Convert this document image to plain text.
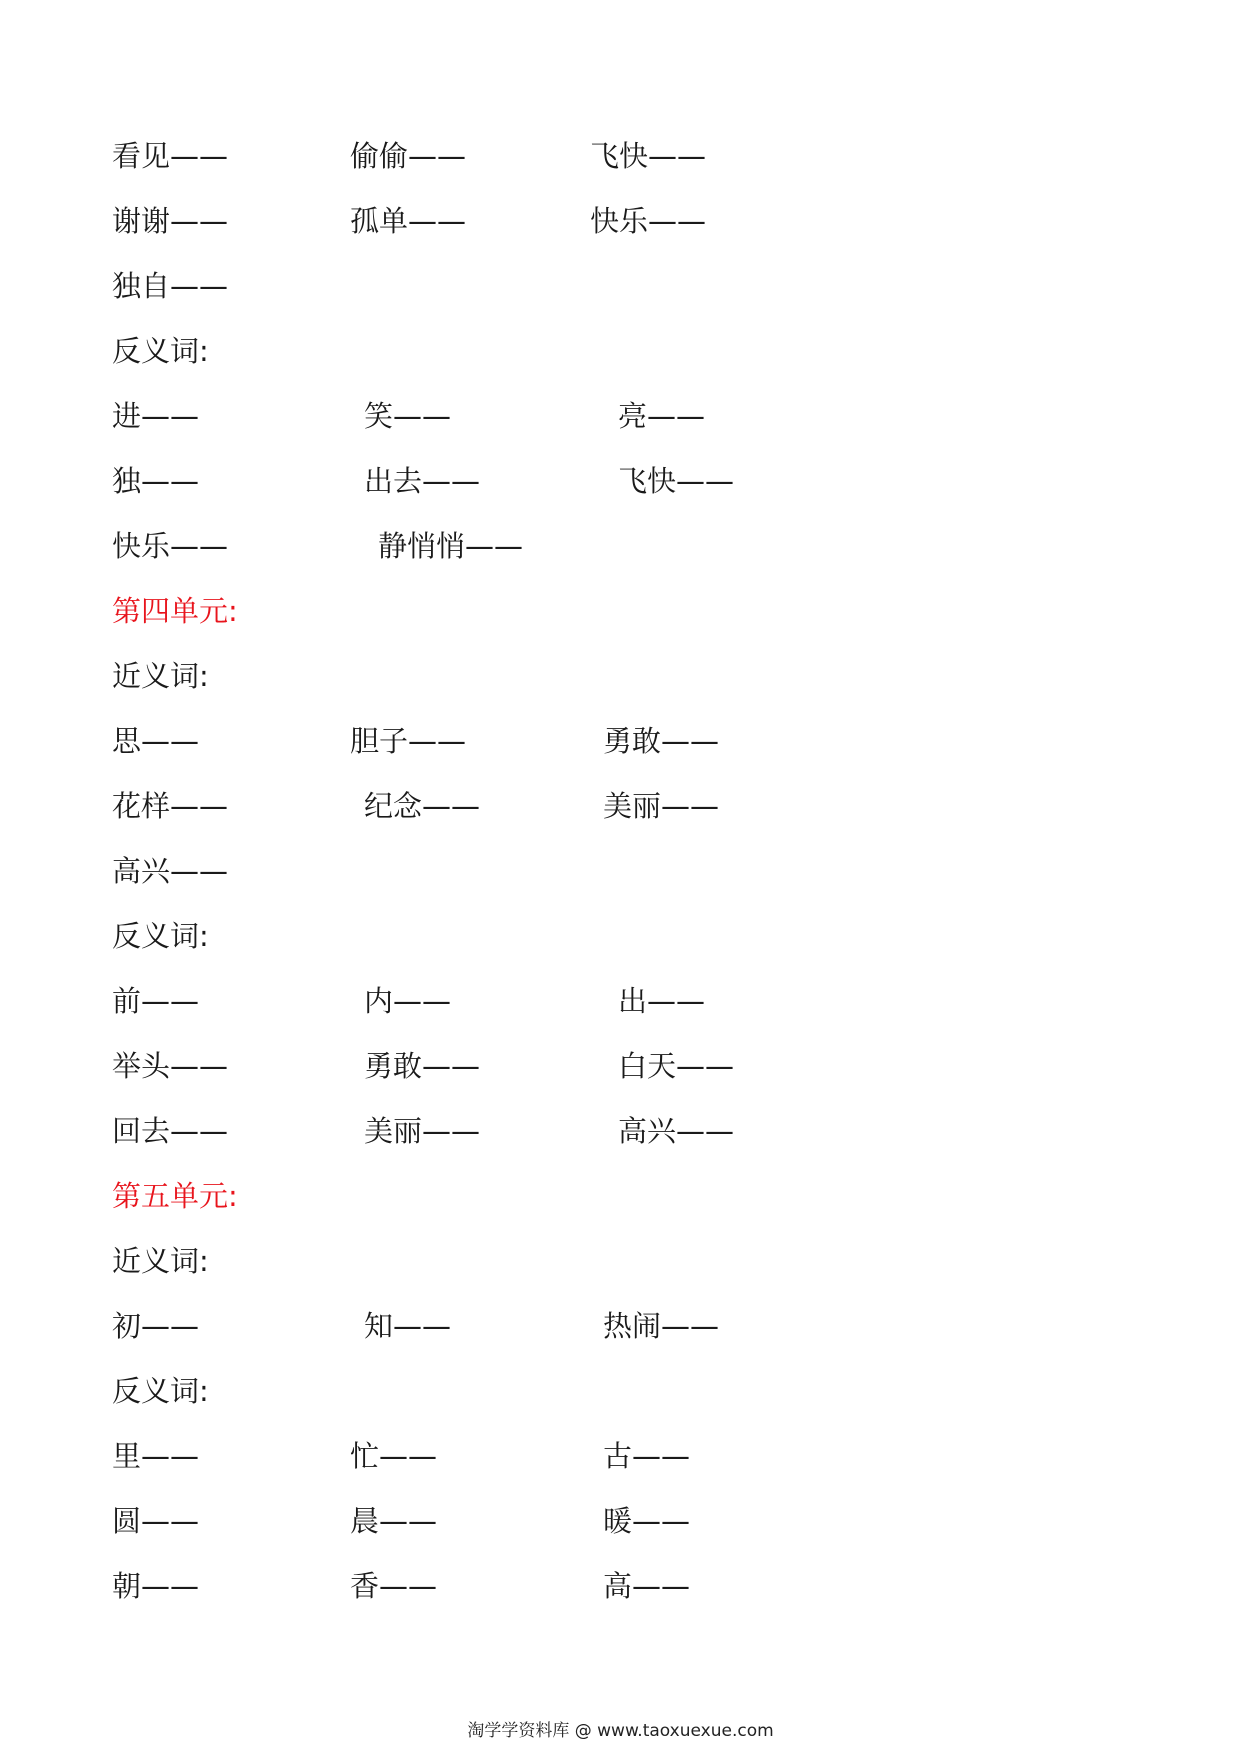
看见——	偷偷——	飞快——
谢谢——	孤单——	快乐——
独自——
反义词:
进——	笑——	亮——
独——	出去——	飞快——
快乐——	静悄悄——
第四单元:
近义词:
思——	胆子——	勇敢——
花样——	纪念——	美丽——
高兴——
反义词:
前——	内——	出——
举头——	勇敢——	白天——
回去——	美丽——	高兴——
第五单元:
近义词:
初——	知——	热闹——
反义词:
里——	忙——	古——
圆——	晨——	暖——
朝——	香——	高——
淘学学资料库 @ www.taoxuexue.com
